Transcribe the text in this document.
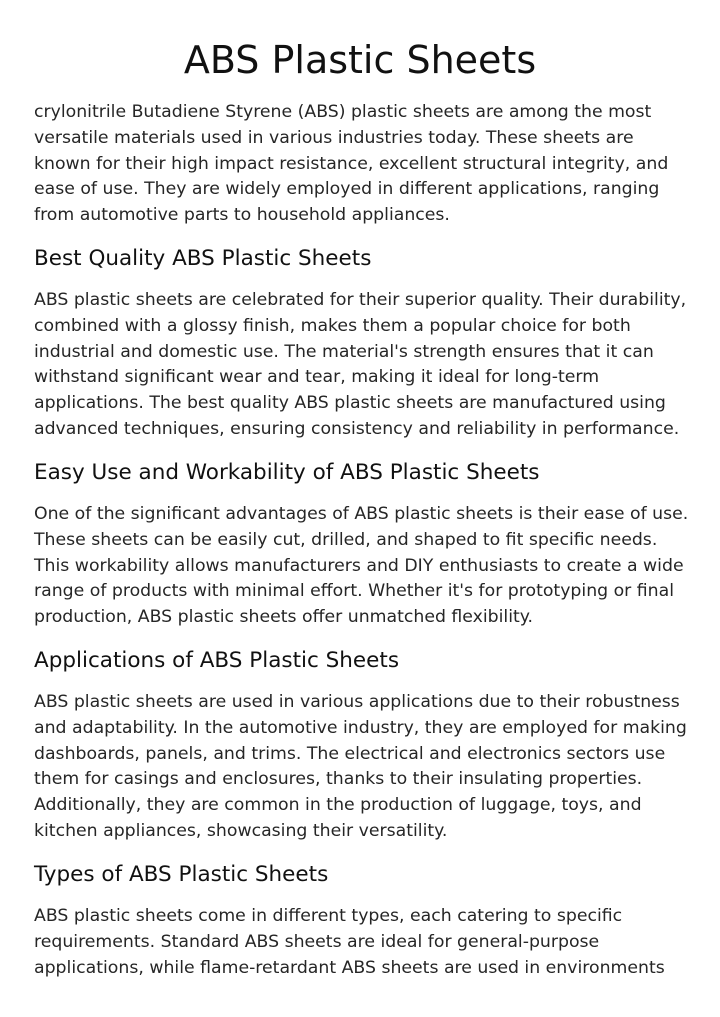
ABS Plastic Sheets

crylonitrile Butadiene Styrene (ABS) plastic sheets are among the most versatile materials used in various industries today. These sheets are known for their high impact resistance, excellent structural integrity, and ease of use. They are widely employed in different applications, ranging from automotive parts to household appliances.

Best Quality ABS Plastic Sheets

ABS plastic sheets are celebrated for their superior quality. Their durability, combined with a glossy finish, makes them a popular choice for both industrial and domestic use. The material's strength ensures that it can withstand significant wear and tear, making it ideal for long-term applications. The best quality ABS plastic sheets are manufactured using advanced techniques, ensuring consistency and reliability in performance.

Easy Use and Workability of ABS Plastic Sheets

One of the significant advantages of ABS plastic sheets is their ease of use. These sheets can be easily cut, drilled, and shaped to fit specific needs. This workability allows manufacturers and DIY enthusiasts to create a wide range of products with minimal effort. Whether it's for prototyping or final production, ABS plastic sheets offer unmatched flexibility.

Applications of ABS Plastic Sheets

ABS plastic sheets are used in various applications due to their robustness and adaptability. In the automotive industry, they are employed for making dashboards, panels, and trims. The electrical and electronics sectors use them for casings and enclosures, thanks to their insulating properties. Additionally, they are common in the production of luggage, toys, and kitchen appliances, showcasing their versatility.

Types of ABS Plastic Sheets

ABS plastic sheets come in different types, each catering to specific requirements. Standard ABS sheets are ideal for general-purpose applications, while flame-retardant ABS sheets are used in environments
